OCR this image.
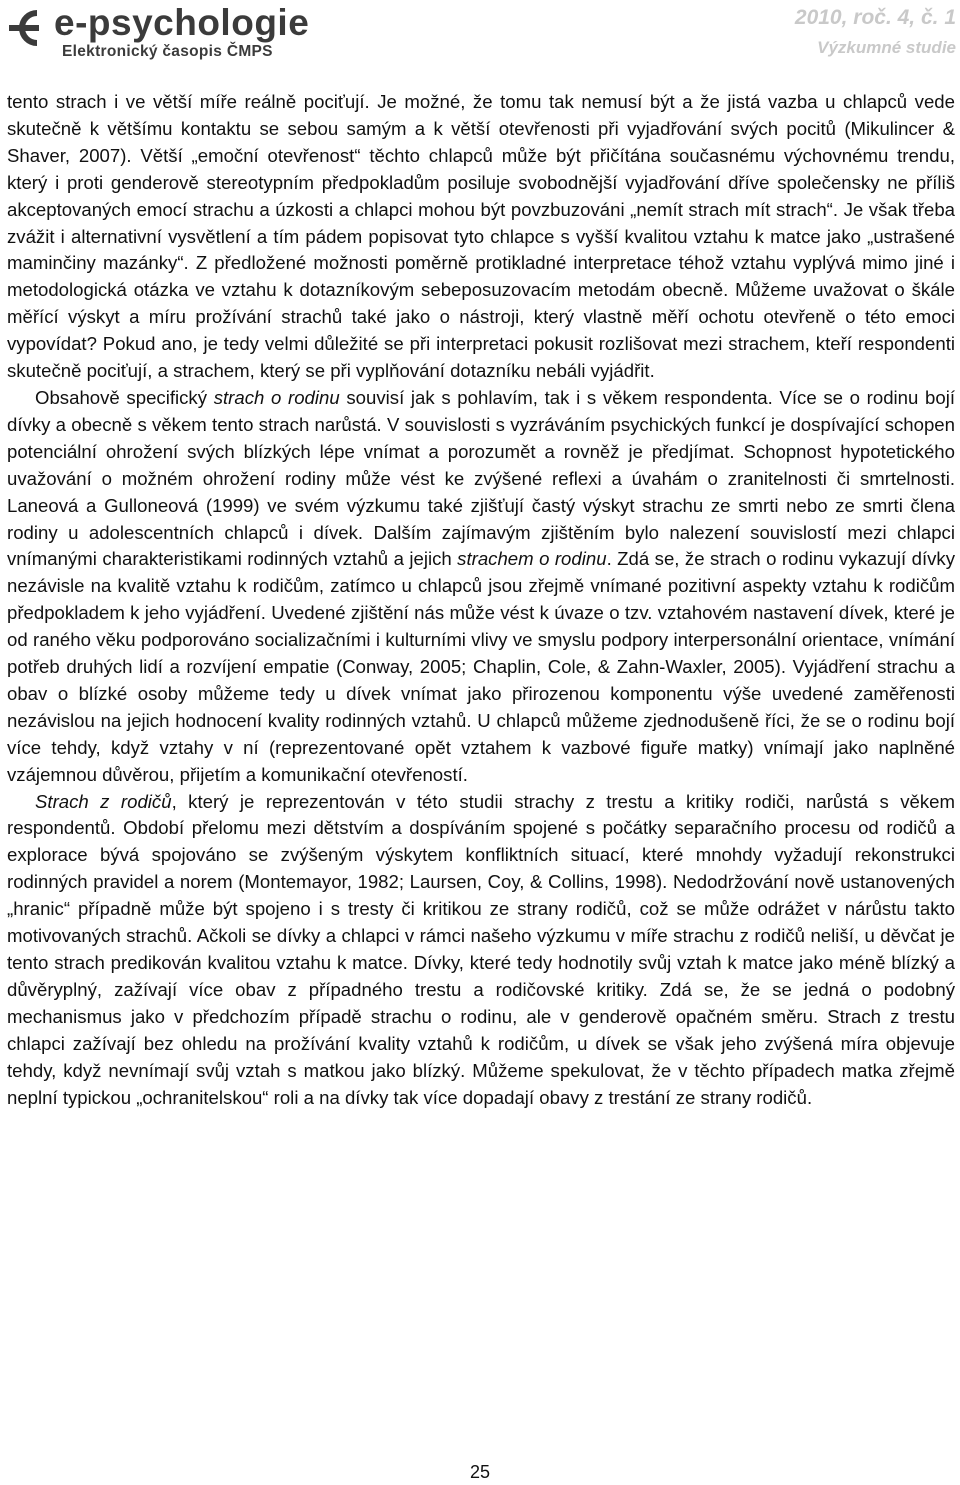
e-psychologie
Elektronický časopis ČMPS
2010, roč. 4, č. 1
Výzkumné studie

tento strach i ve větší míře reálně pociťují. Je možné, že tomu tak nemusí být a že jistá vazba u chlapců vede skutečně k většímu kontaktu se sebou samým a k větší otevřenosti při vyjadřování svých pocitů (Mikulincer & Shaver, 2007). Větší „emoční otevřenost“ těchto chlapců může být přičítána současnému výchovnému trendu, který i proti genderově stereotypním předpokladům posiluje svobodnější vyjadřování dříve společensky ne příliš akceptovaných emocí strachu a úzkosti a chlapci mohou být povzbuzováni „nemít strach mít strach“. Je však třeba zvážit i alternativní vysvětlení a tím pádem popisovat tyto chlapce s vyšší kvalitou vztahu k matce jako „ustrašené maminčiny mazánky“. Z předložené možnosti poměrně protikladné interpretace téhož vztahu vyplývá mimo jiné i metodologická otázka ve vztahu k dotazníkovým sebeposuzovacím metodám obecně. Můžeme uvažovat o škále měřící výskyt a míru prožívání strachů také jako o nástroji, který vlastně měří ochotu otevřeně o této emoci vypovídat? Pokud ano, je tedy velmi důležité se při interpretaci pokusit rozlišovat mezi strachem, kteří respondenti skutečně pociťují, a strachem, který se při vyplňování dotazníku nebáli vyjádřit.

Obsahově specifický strach o rodinu souvisí jak s pohlavím, tak i s věkem respondenta. Více se o rodinu bojí dívky a obecně s věkem tento strach narůstá. V souvislosti s vyzráváním psychických funkcí je dospívající schopen potenciální ohrožení svých blízkých lépe vnímat a porozumět a rovněž je předjímat. Schopnost hypotetického uvažování o možném ohrožení rodiny může vést ke zvýšené reflexi a úvahám o zranitelnosti či smrtelnosti. Laneová a Gulloneová (1999) ve svém výzkumu také zjišťují častý výskyt strachu ze smrti nebo ze smrti člena rodiny u adolescentních chlapců i dívek. Dalším zajímavým zjištěním bylo nalezení souvislostí mezi chlapci vnímanými charakteristikami rodinných vztahů a jejich strachem o rodinu. Zdá se, že strach o rodinu vykazují dívky nezávisle na kvalitě vztahu k rodičům, zatímco u chlapců jsou zřejmě vnímané pozitivní aspekty vztahu k rodičům předpokladem k jeho vyjádření. Uvedené zjištění nás může vést k úvaze o tzv. vztahovém nastavení dívek, které je od raného věku podporováno socializačními i kulturními vlivy ve smyslu podpory interpersonální orientace, vnímání potřeb druhých lidí a rozvíjení empatie (Conway, 2005; Chaplin, Cole, & Zahn-Waxler, 2005). Vyjádření strachu a obav o blízké osoby můžeme tedy u dívek vnímat jako přirozenou komponentu výše uvedené zaměřenosti nezávislou na jejich hodnocení kvality rodinných vztahů. U chlapců můžeme zjednodušeně říci, že se o rodinu bojí více tehdy, když vztahy v ní (reprezentované opět vztahem k vazbové figuře matky) vnímají jako naplněné vzájemnou důvěrou, přijetím a komunikační otevřeností.

Strach z rodičů, který je reprezentován v této studii strachy z trestu a kritiky rodiči, narůstá s věkem respondentů. Období přelomu mezi dětstvím a dospíváním spojené s počátky separačního procesu od rodičů a explorace bývá spojováno se zvýšeným výskytem konfliktních situací, které mnohdy vyžadují rekonstrukci rodinných pravidel a norem (Montemayor, 1982; Laursen, Coy, & Collins, 1998). Nedodržování nově ustanovených „hranic“ případně může být spojeno i s tresty či kritikou ze strany rodičů, což se může odrážet v nárůstu takto motivovaných strachů. Ačkoli se dívky a chlapci v rámci našeho výzkumu v míře strachu z rodičů neliší, u děvčat je tento strach predikován kvalitou vztahu k matce. Dívky, které tedy hodnotily svůj vztah k matce jako méně blízký a důvěryplný, zažívají více obav z případného trestu a rodičovské kritiky. Zdá se, že se jedná o podobný mechanismus jako v předchozím případě strachu o rodinu, ale v genderově opačném směru. Strach z trestu chlapci zažívají bez ohledu na prožívání kvality vztahů k rodičům, u dívek se však jeho zvýšená míra objevuje tehdy, když nevnímají svůj vztah s matkou jako blízký. Můžeme spekulovat, že v těchto případech matka zřejmě neplní typickou „ochranitelskou“ roli a na dívky tak více dopadají obavy z trestání ze strany rodičů.

25
